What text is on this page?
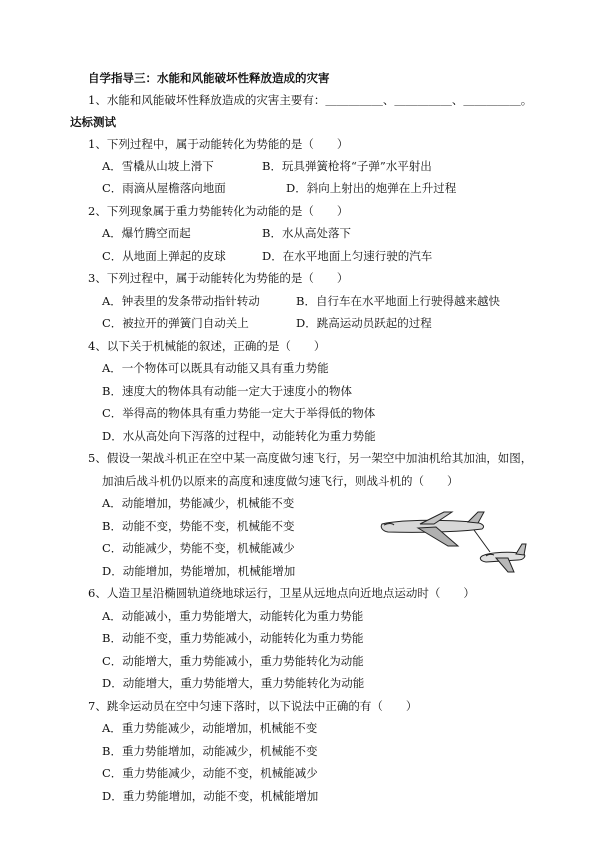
自学指导三：水能和风能破坏性释放造成的灾害
1、水能和风能破坏性释放造成的灾害主要有：＿＿＿＿＿、＿＿＿＿＿、＿＿＿＿＿。
达标测试
1、下列过程中，属于动能转化为势能的是（　　）
A．雪橇从山坡上滑下	B．玩具弹簧枪将“子弹”水平射出
C．雨滴从屋檐落向地面	D．斜向上射出的炮弹在上升过程
2、下列现象属于重力势能转化为动能的是（　　）
A．爆竹腾空而起	B．水从高处落下
C．从地面上弹起的皮球	D．在水平地面上匀速行驶的汽车
3、下列过程中，属于动能转化为势能的是（　　）
A．钟表里的发条带动指针转动	B．自行车在水平地面上行驶得越来越快
C．被拉开的弹簧门自动关上	D．跳高运动员跃起的过程
4、以下关于机械能的叙述，正确的是（　　）
A．一个物体可以既具有动能又具有重力势能
B．速度大的物体具有动能一定大于速度小的物体
C．举得高的物体具有重力势能一定大于举得低的物体
D．水从高处向下泻落的过程中，动能转化为重力势能
5、假设一架战斗机正在空中某一高度做匀速飞行，另一架空中加油机给其加油，如图，
加油后战斗机仍以原来的高度和速度做匀速飞行，则战斗机的（　　）
A．动能增加，势能减少，机械能不变
B．动能不变，势能不变，机械能不变
C．动能减少，势能不变，机械能减少
D．动能增加，势能增加，机械能增加
6、人造卫星沿椭圆轨道绕地球运行，卫星从远地点向近地点运动时（　　）
A．动能减小，重力势能增大，动能转化为重力势能
B．动能不变，重力势能减小，动能转化为重力势能
C．动能增大，重力势能减小，重力势能转化为动能
D．动能增大，重力势能增大，重力势能转化为动能
7、跳伞运动员在空中匀速下落时，以下说法中正确的有（　　）
A．重力势能减少，动能增加，机械能不变
B．重力势能增加，动能减少，机械能不变
C．重力势能减少，动能不变，机械能减少
D．重力势能增加，动能不变，机械能增加
